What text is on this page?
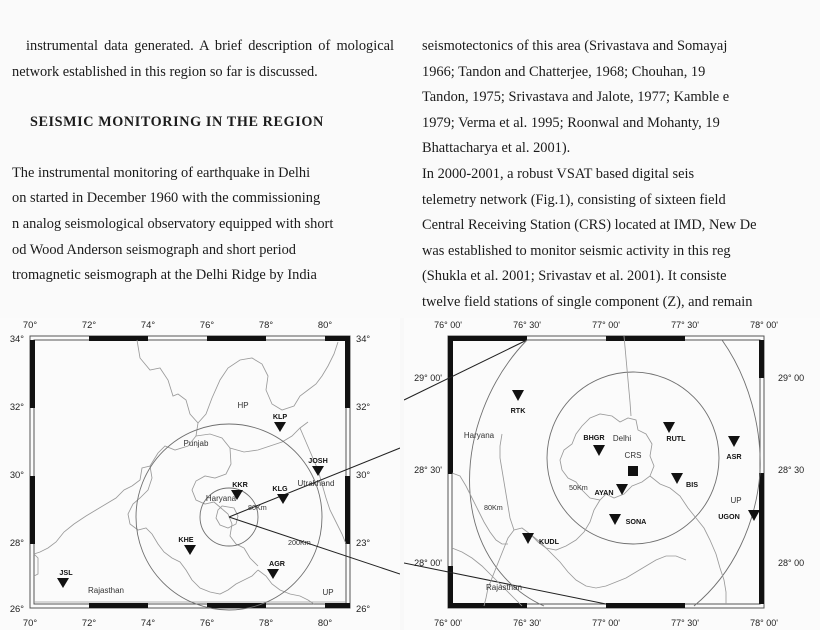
instrumental data generated. A brief description of mological network established in this region so far is discussed.

SEISMIC MONITORING IN THE REGION

The instrumental monitoring of earthquake in Delhi
on started in December 1960 with the commissioning
n analog seismological observatory equipped with short
od Wood Anderson seismograph and short period
tromagnetic seismograph at the Delhi Ridge by India
seismotectonics of this area (Srivastava and Somayaj
1966; Tandon and Chatterjee, 1968; Chouhan, 19
Tandon, 1975; Srivastava and Jalote, 1977; Kamble e
1979; Verma et al. 1995; Roonwal and Mohanty, 19
Bhattacharya et al. 2001).
In 2000-2001, a robust VSAT based digital seis
telemetry network (Fig.1), consisting of sixteen field
Central Receiving Station (CRS) located at IMD, New De
was established to monitor seismic activity in this reg
(Shukla et al. 2001; Srivastav et al. 2001). It consiste
twelve field stations of single component (Z), and remain
70°	72°	74°	76°	78°	80°
70°	72°	74°	76°	78°	80°
34°
32°
30°
28°
26°
34°
32°
30°
23°
26°
80Km
200Km
HP
Punjab
Haryana
Utrakhand
Rajasthan	UP
KLP
JOSH
KKR	KLG
KHE
AGR
JSL
76° 00'	76° 30'	77° 00'	77° 30'	78° 00'
76° 00'	76° 30'	77° 00'	77° 30'	78° 00'
29° 00'
28° 30'
28° 00'
29° 00
28° 30
28° 00
80Km
50Km
Haryana	Delhi
UP
Rajasthan
CRS
RTK
BHGR	RUTL
ASR
BIS
AYAN
SONA
UGON
KUDL
